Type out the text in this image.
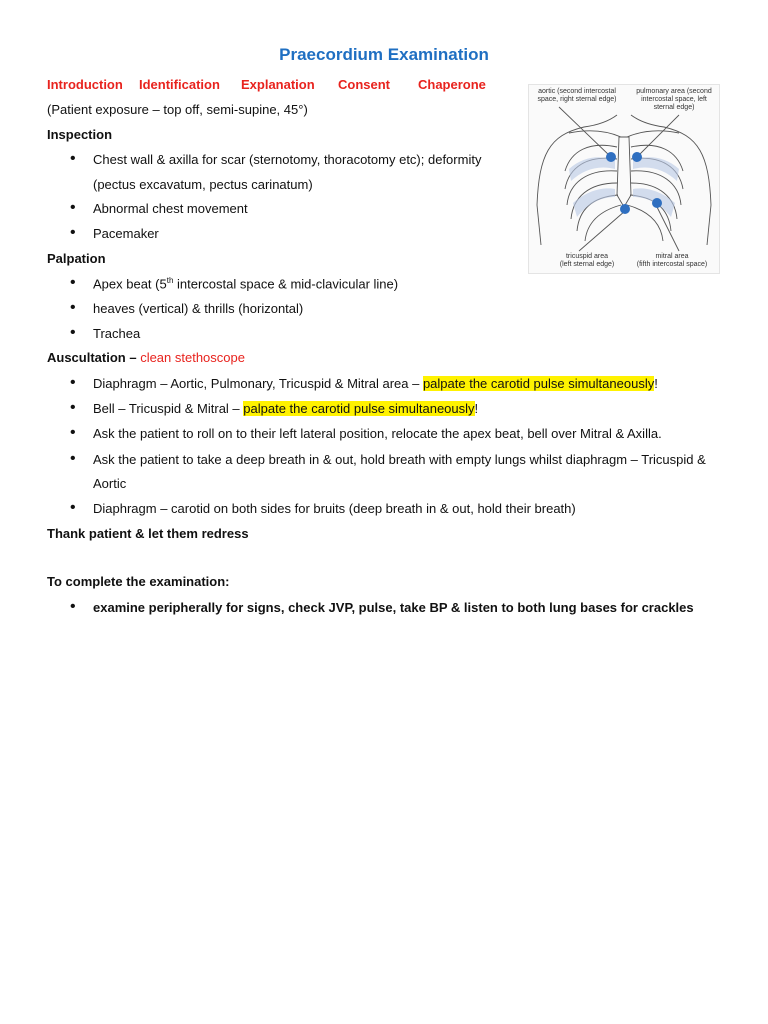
Praecordium Examination
Introduction Identification Explanation Consent Chaperone
(Patient exposure – top off, semi-supine, 45°)
Inspection
• Chest wall & axilla for scar (sternotomy, thoracotomy etc); deformity
(pectus excavatum, pectus carinatum)
• Abnormal chest movement
• Pacemaker
Palpation
• Apex beat (5th intercostal space & mid-clavicular line)
• heaves (vertical) & thrills (horizontal)
• Trachea
Auscultation – clean stethoscope
• Diaphragm – Aortic, Pulmonary, Tricuspid & Mitral area – palpate the carotid pulse simultaneously!
• Bell – Tricuspid & Mitral – palpate the carotid pulse simultaneously!
• Ask the patient to roll on to their left lateral position, relocate the apex beat, bell over Mitral & Axilla.
• Ask the patient to take a deep breath in & out, hold breath with empty lungs whilst diaphragm – Tricuspid &
Aortic
• Diaphragm – carotid on both sides for bruits (deep breath in & out, hold their breath)
Thank patient & let them redress
To complete the examination:
• examine peripherally for signs, check JVP, pulse, take BP & listen to both lung bases for crackles
aortic (second intercostal
space, right sternal edge)
pulmonary area (second
intercostal space, left
sternal edge)
tricuspid area
(left sternal edge)
mitral area
(fifth intercostal space)
